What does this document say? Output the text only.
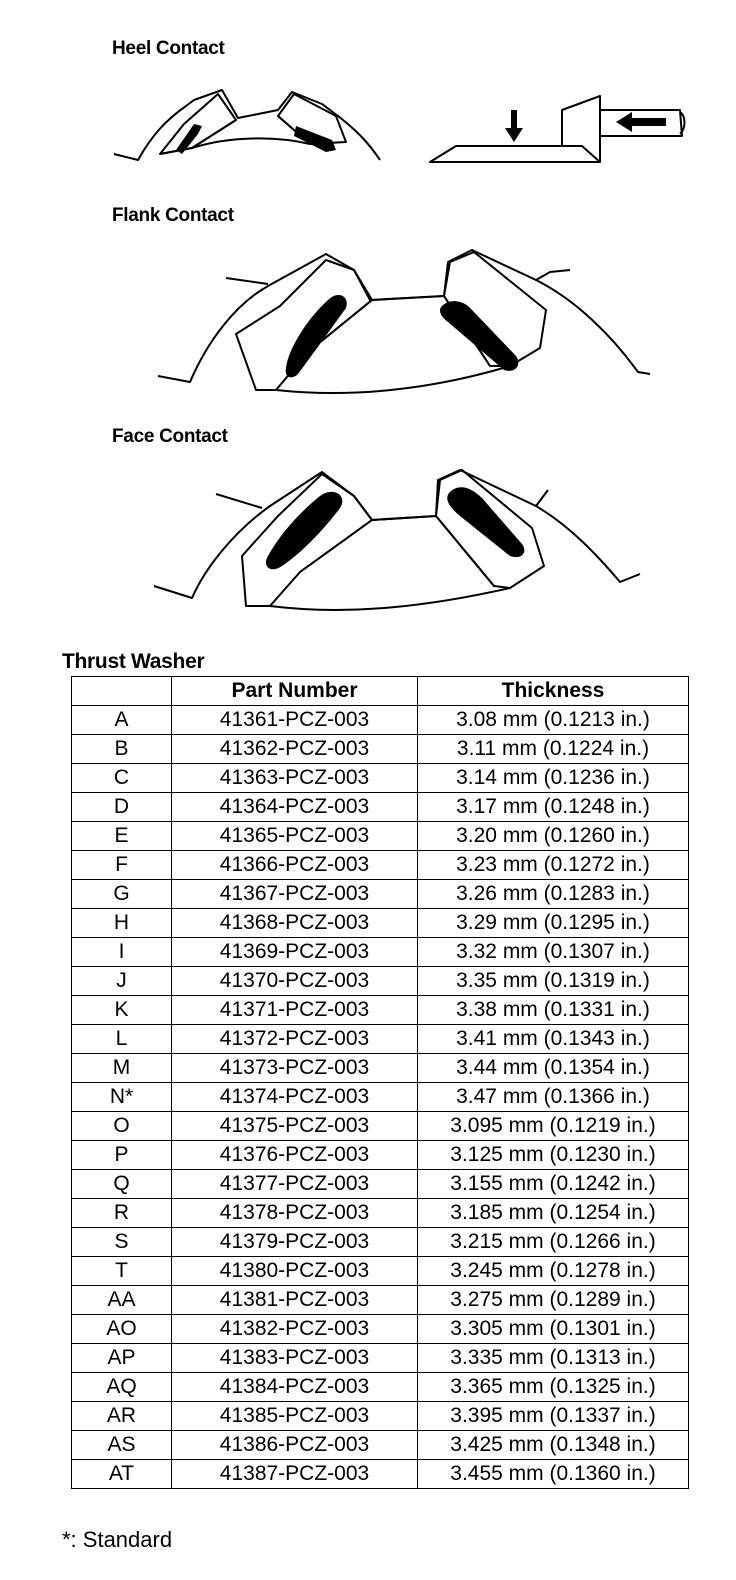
Heel Contact
Flank Contact
Face Contact
Thrust Washer
	Part Number	Thickness
A	41361-PCZ-003	3.08 mm (0.1213 in.)
B	41362-PCZ-003	3.11 mm (0.1224 in.)
C	41363-PCZ-003	3.14 mm (0.1236 in.)
D	41364-PCZ-003	3.17 mm (0.1248 in.)
E	41365-PCZ-003	3.20 mm (0.1260 in.)
F	41366-PCZ-003	3.23 mm (0.1272 in.)
G	41367-PCZ-003	3.26 mm (0.1283 in.)
H	41368-PCZ-003	3.29 mm (0.1295 in.)
I	41369-PCZ-003	3.32 mm (0.1307 in.)
J	41370-PCZ-003	3.35 mm (0.1319 in.)
K	41371-PCZ-003	3.38 mm (0.1331 in.)
L	41372-PCZ-003	3.41 mm (0.1343 in.)
M	41373-PCZ-003	3.44 mm (0.1354 in.)
N*	41374-PCZ-003	3.47 mm (0.1366 in.)
O	41375-PCZ-003	3.095 mm (0.1219 in.)
P	41376-PCZ-003	3.125 mm (0.1230 in.)
Q	41377-PCZ-003	3.155 mm (0.1242 in.)
R	41378-PCZ-003	3.185 mm (0.1254 in.)
S	41379-PCZ-003	3.215 mm (0.1266 in.)
T	41380-PCZ-003	3.245 mm (0.1278 in.)
AA	41381-PCZ-003	3.275 mm (0.1289 in.)
AO	41382-PCZ-003	3.305 mm (0.1301 in.)
AP	41383-PCZ-003	3.335 mm (0.1313 in.)
AQ	41384-PCZ-003	3.365 mm (0.1325 in.)
AR	41385-PCZ-003	3.395 mm (0.1337 in.)
AS	41386-PCZ-003	3.425 mm (0.1348 in.)
AT	41387-PCZ-003	3.455 mm (0.1360 in.)
*: Standard
